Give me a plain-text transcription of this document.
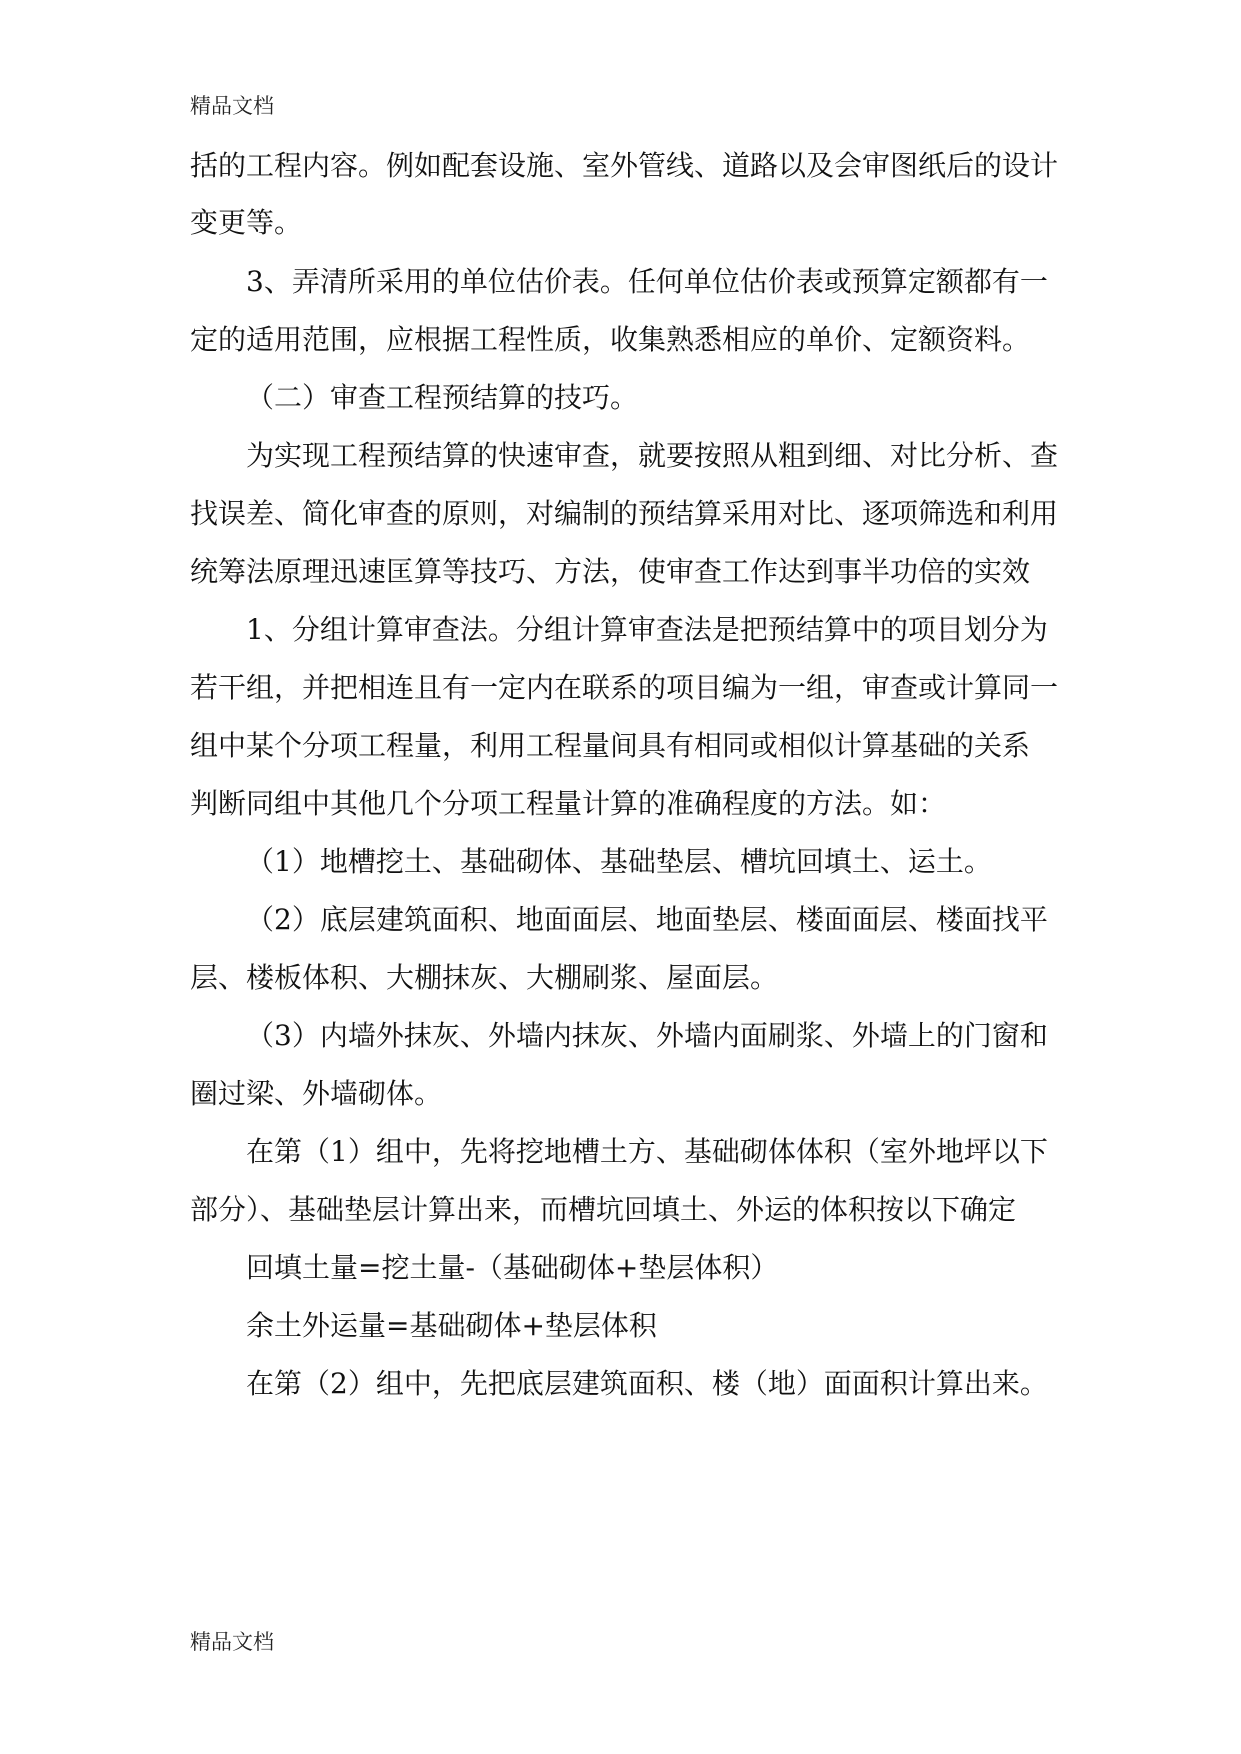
精品文档
括的工程内容。例如配套设施、室外管线、道路以及会审图纸后的设计
变更等。
3、弄清所采用的单位估价表。任何单位估价表或预算定额都有一
定的适用范围，应根据工程性质，收集熟悉相应的单价、定额资料。
（二）审查工程预结算的技巧。
为实现工程预结算的快速审查，就要按照从粗到细、对比分析、查
找误差、简化审查的原则，对编制的预结算采用对比、逐项筛选和利用
统筹法原理迅速匡算等技巧、方法，使审查工作达到事半功倍的实效
1、分组计算审查法。分组计算审查法是把预结算中的项目划分为
若干组，并把相连且有一定内在联系的项目编为一组，审查或计算同一
组中某个分项工程量，利用工程量间具有相同或相似计算基础的关系
判断同组中其他几个分项工程量计算的准确程度的方法。如：
（1）地槽挖土、基础砌体、基础垫层、槽坑回填土、运土。
（2）底层建筑面积、地面面层、地面垫层、楼面面层、楼面找平
层、楼板体积、大棚抹灰、大棚刷浆、屋面层。
（3）内墙外抹灰、外墙内抹灰、外墙内面刷浆、外墙上的门窗和
圈过梁、外墙砌体。
在第（1）组中，先将挖地槽土方、基础砌体体积（室外地坪以下
部分）、基础垫层计算出来，而槽坑回填土、外运的体积按以下确定
回填土量=挖土量-（基础砌体+垫层体积）
余土外运量=基础砌体+垫层体积
在第（2）组中，先把底层建筑面积、楼（地）面面积计算出来。
精品文档
